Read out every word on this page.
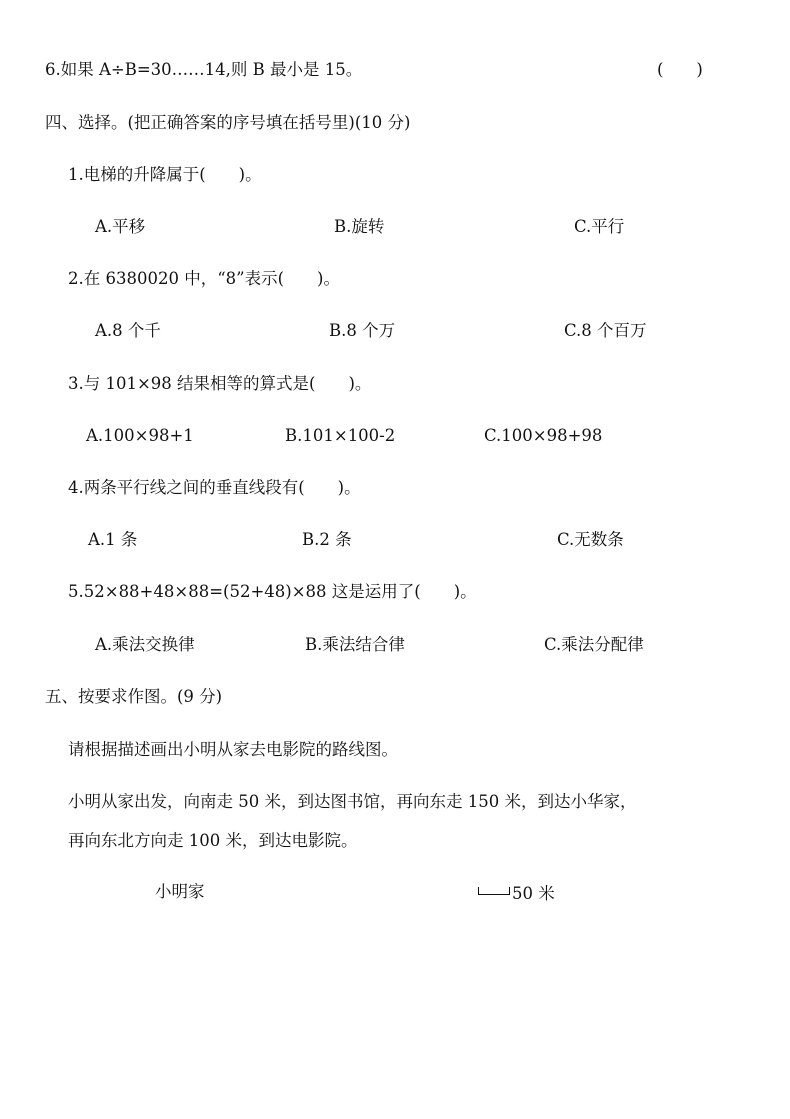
6.如果 A÷B=30……14,则 B 最小是 15。	(　　)
四、选择。(把正确答案的序号填在括号里)(10 分)
1.电梯的升降属于(　　)。
A.平移	B.旋转	C.平行
2.在 6380020 中，“8”表示(　　)。
A.8 个千	B.8 个万	C.8 个百万
3.与 101×98 结果相等的算式是(　　)。
A.100×98+1	B.101×100-2	C.100×98+98
4.两条平行线之间的垂直线段有(　　)。
A.1 条	B.2 条	C.无数条
5.52×88+48×88=(52+48)×88 这是运用了(　　)。
A.乘法交换律	B.乘法结合律	C.乘法分配律
五、按要求作图。(9 分)
请根据描述画出小明从家去电影院的路线图。
小明从家出发，向南走 50 米，到达图书馆，再向东走 150 米，到达小华家，
再向东北方向走 100 米，到达电影院。
小明家	50 米
